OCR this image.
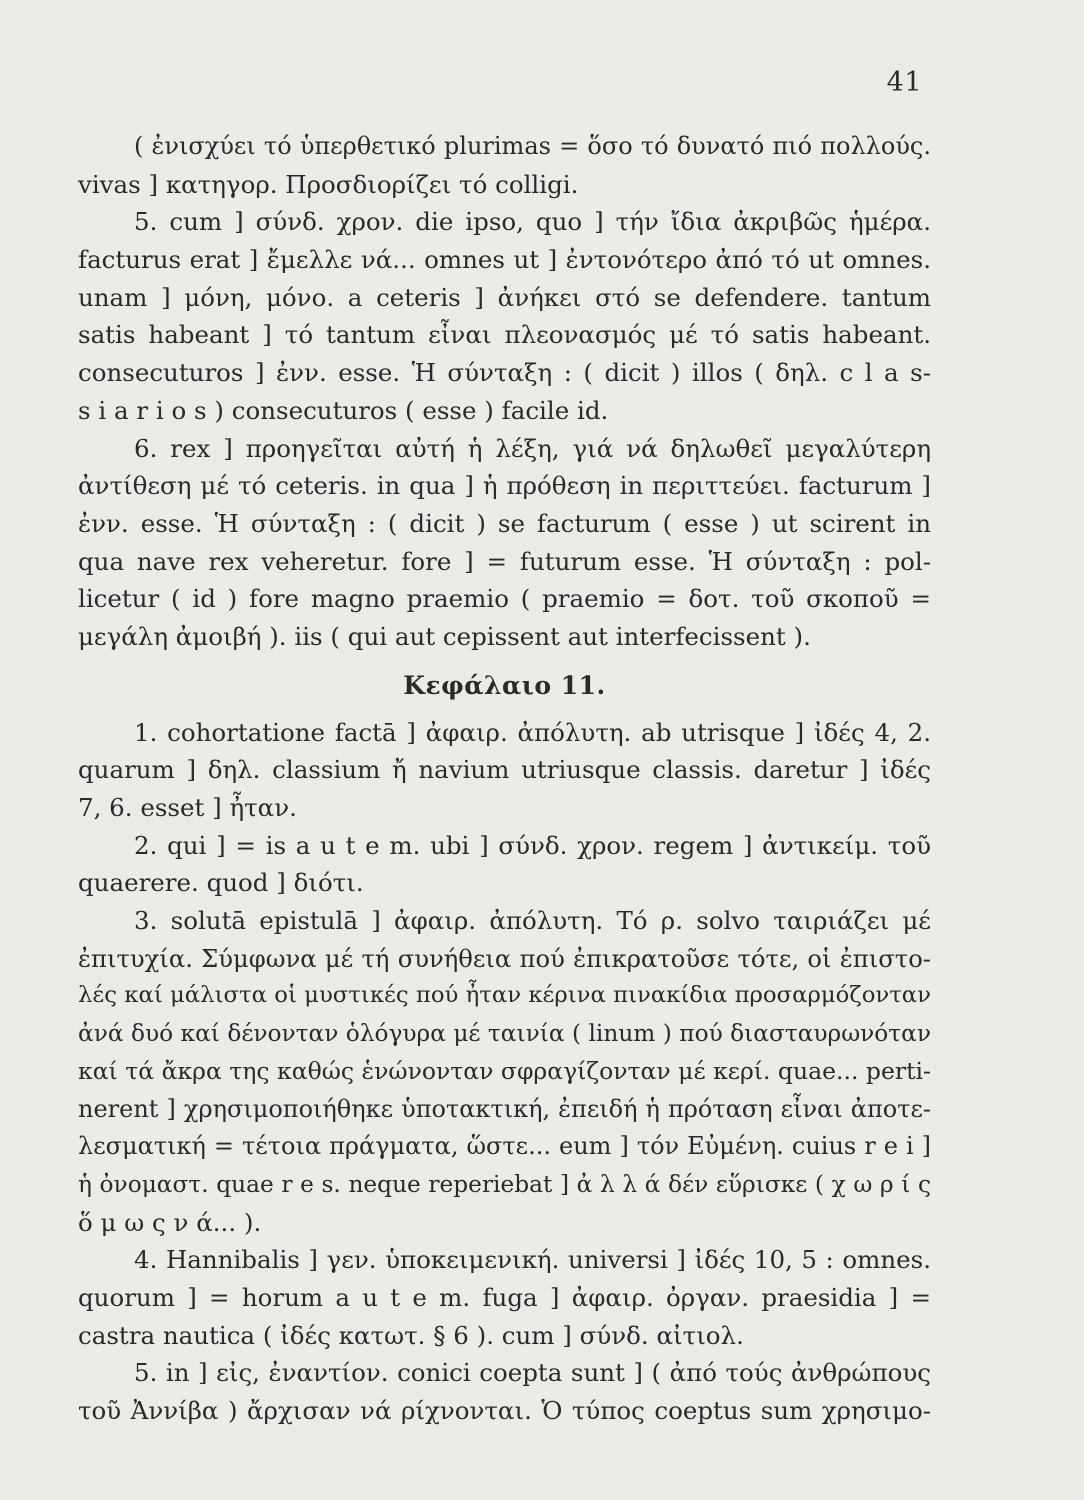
41
( ἐνισχύει τό ὑπερθετικό plurimas = ὅσο τό δυνατό πιό πολλούς.
vivas ] κατηγορ. Προσδιορίζει τό colligi.
5. cum ] σύνδ. χρον. die ipso, quo ] τήν ἴδια ἀκριβῶς ἡμέρα.
facturus erat ] ἔμελλε νά... omnes ut ] ἐντονότερο ἀπό τό ut omnes.
unam ] μόνη, μόνο. a ceteris ] ἀνήκει στό se defendere. tantum
satis habeant ] τό tantum εἶναι πλεονασμός μέ τό satis habeant.
consecuturos ] ἐνν. esse. Ἡ σύνταξη : ( dicit ) illos ( δηλ. c l a s-
s i a r i o s ) consecuturos ( esse ) facile id.
6. rex ] προηγεῖται αὐτή ἡ λέξη, γιά νά δηλωθεῖ μεγαλύτερη
ἀντίθεση μέ τό ceteris. in qua ] ἡ πρόθεση in περιττεύει. facturum ]
ἐνν. esse. Ἡ σύνταξη : ( dicit ) se facturum ( esse ) ut scirent in
qua nave rex veheretur. fore ] = futurum esse. Ἡ σύνταξη : pol-
licetur ( id ) fore magno praemio ( praemio = δοτ. τοῦ σκοποῦ =
μεγάλη ἀμοιβή ). iis ( qui aut cepissent aut interfecissent ).
Κεφάλαιο 11.
1. cohortatione factā ] ἀφαιρ. ἀπόλυτη. ab utrisque ] ἰδές 4, 2.
quarum ] δηλ. classium ἤ navium utriusque classis. daretur ] ἰδές
7, 6. esset ] ἦταν.
2. qui ] = is a u t e m. ubi ] σύνδ. χρον. regem ] ἀντικείμ. τοῦ
quaerere. quod ] διότι.
3. solutā epistulā ] ἀφαιρ. ἀπόλυτη. Τό ρ. solvo ταιριάζει μέ
ἐπιτυχία. Σύμφωνα μέ τή συνήθεια πού ἐπικρατοῦσε τότε, οἱ ἐπιστο-
λές καί μάλιστα οἱ μυστικές πού ἦταν κέρινα πινακίδια προσαρμόζονταν
ἀνά δυό καί δένονταν ὁλόγυρα μέ ταινία ( linum ) πού διασταυρωνόταν
καί τά ἄκρα της καθώς ἑνώνονταν σφραγίζονταν μέ κερί. quae... perti-
nerent ] χρησιμοποιήθηκε ὑποτακτική, ἐπειδή ἡ πρόταση εἶναι ἀποτε-
λεσματική = τέτοια πράγματα, ὥστε... eum ] τόν Εὐμένη. cuius r e i ]
ἡ ὀνομαστ. quae r e s. neque reperiebat ] ἀ λ λ ά δέν εὕρισκε ( χ ω ρ ί ς
ὅ μ ω ς ν ά... ).
4. Hannibalis ] γεν. ὑποκειμενική. universi ] ἰδές 10, 5 : omnes.
quorum ] = horum a u t e m. fuga ] ἀφαιρ. ὀργαν. praesidia ] =
castra nautica ( ἰδές κατωτ. § 6 ). cum ] σύνδ. αἰτιολ.
5. in ] εἰς, ἐναντίον. conici coepta sunt ] ( ἀπό τούς ἀνθρώπους
τοῦ Ἀννίβα ) ἄρχισαν νά ρίχνονται. Ὁ τύπος coeptus sum χρησιμο-
